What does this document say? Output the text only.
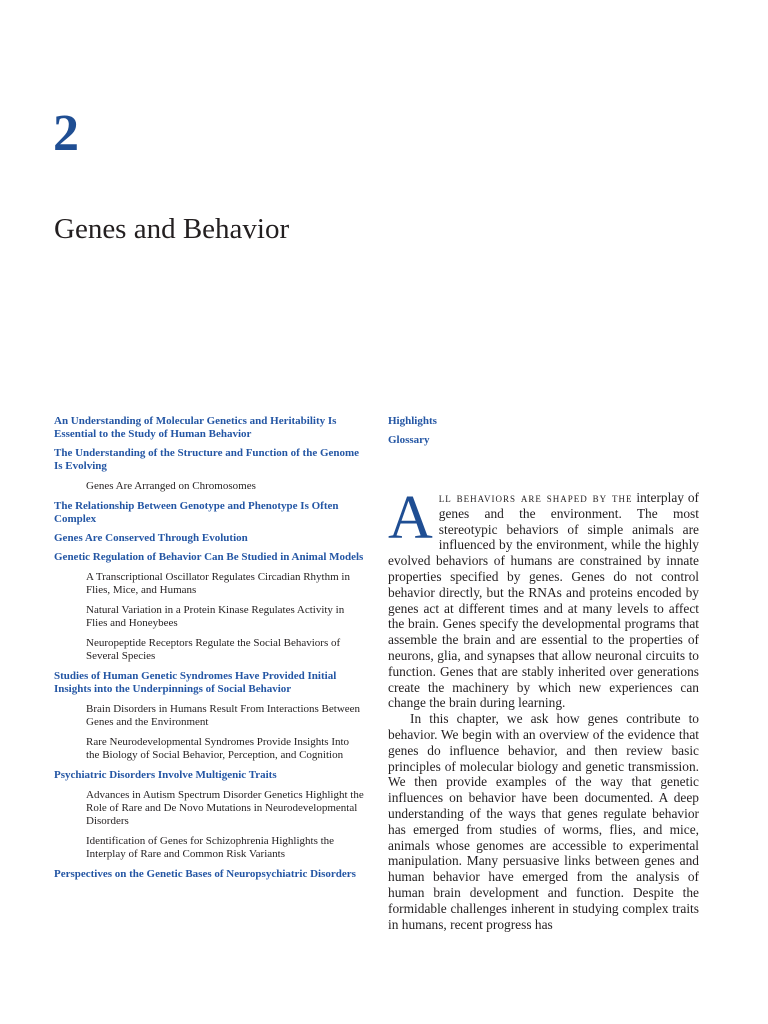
2
Genes and Behavior
An Understanding of Molecular Genetics and Heritability Is Essential to the Study of Human Behavior
The Understanding of the Structure and Function of the Genome Is Evolving
Genes Are Arranged on Chromosomes
The Relationship Between Genotype and Phenotype Is Often Complex
Genes Are Conserved Through Evolution
Genetic Regulation of Behavior Can Be Studied in Animal Models
A Transcriptional Oscillator Regulates Circadian Rhythm in Flies, Mice, and Humans
Natural Variation in a Protein Kinase Regulates Activity in Flies and Honeybees
Neuropeptide Receptors Regulate the Social Behaviors of Several Species
Studies of Human Genetic Syndromes Have Provided Initial Insights into the Underpinnings of Social Behavior
Brain Disorders in Humans Result From Interactions Between Genes and the Environment
Rare Neurodevelopmental Syndromes Provide Insights Into the Biology of Social Behavior, Perception, and Cognition
Psychiatric Disorders Involve Multigenic Traits
Advances in Autism Spectrum Disorder Genetics Highlight the Role of Rare and De Novo Mutations in Neurodevelopmental Disorders
Identification of Genes for Schizophrenia Highlights the Interplay of Rare and Common Risk Variants
Perspectives on the Genetic Bases of Neuropsychiatric Disorders
Highlights
Glossary

All behaviors are shaped by the interplay of genes and the environment. The most stereotypic behaviors of simple animals are influenced by the environment, while the highly evolved behaviors of humans are constrained by innate properties specified by genes. Genes do not control behavior directly, but the RNAs and proteins encoded by genes act at different times and at many levels to affect the brain. Genes specify the developmental programs that assemble the brain and are essential to the properties of neurons, glia, and synapses that allow neuronal circuits to function. Genes that are stably inherited over generations create the machinery by which new experiences can change the brain during learning.

In this chapter, we ask how genes contribute to behavior. We begin with an overview of the evidence that genes do influence behavior, and then review basic principles of molecular biology and genetic transmission. We then provide examples of the way that genetic influences on behavior have been documented. A deep understanding of the ways that genes regulate behavior has emerged from studies of worms, flies, and mice, animals whose genomes are accessible to experimental manipulation. Many persuasive links between genes and human behavior have emerged from the analysis of human brain development and function. Despite the formidable challenges inherent in studying complex traits in humans, recent progress has
